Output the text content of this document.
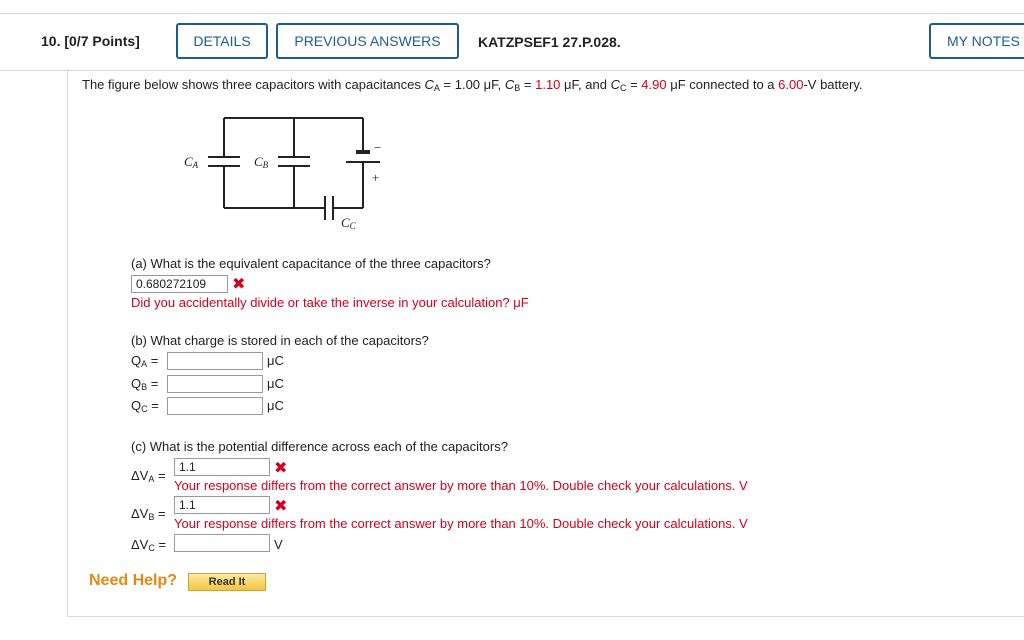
10. [0/7 Points]	DETAILS	PREVIOUS ANSWERS	KATZPSEF1 27.P.028.	MY NOTES
The figure below shows three capacitors with capacitances $C_A = 1.00$ μF, $C_B = 1.10$ μF, and $C_C = 4.90$ μF connected to a 6.00-V battery.
$C_A$	$C_B$
$C_C$
−
+
(a) What is the equivalent capacitance of the three capacitors?
0.680272109	✖
Did you accidentally divide or take the inverse in your calculation? μF
(b) What charge is stored in each of the capacitors?
$Q_A$ =	μC
$Q_B$ =	μC
$Q_C$ =	μC
(c) What is the potential difference across each of the capacitors?
$\Delta V_A$ =
1.1	✖
Your response differs from the correct answer by more than 10%. Double check your calculations. V
$\Delta V_B$ =
1.1	✖
Your response differs from the correct answer by more than 10%. Double check your calculations. V
$\Delta V_C$ =	V
Need Help?	Read It
